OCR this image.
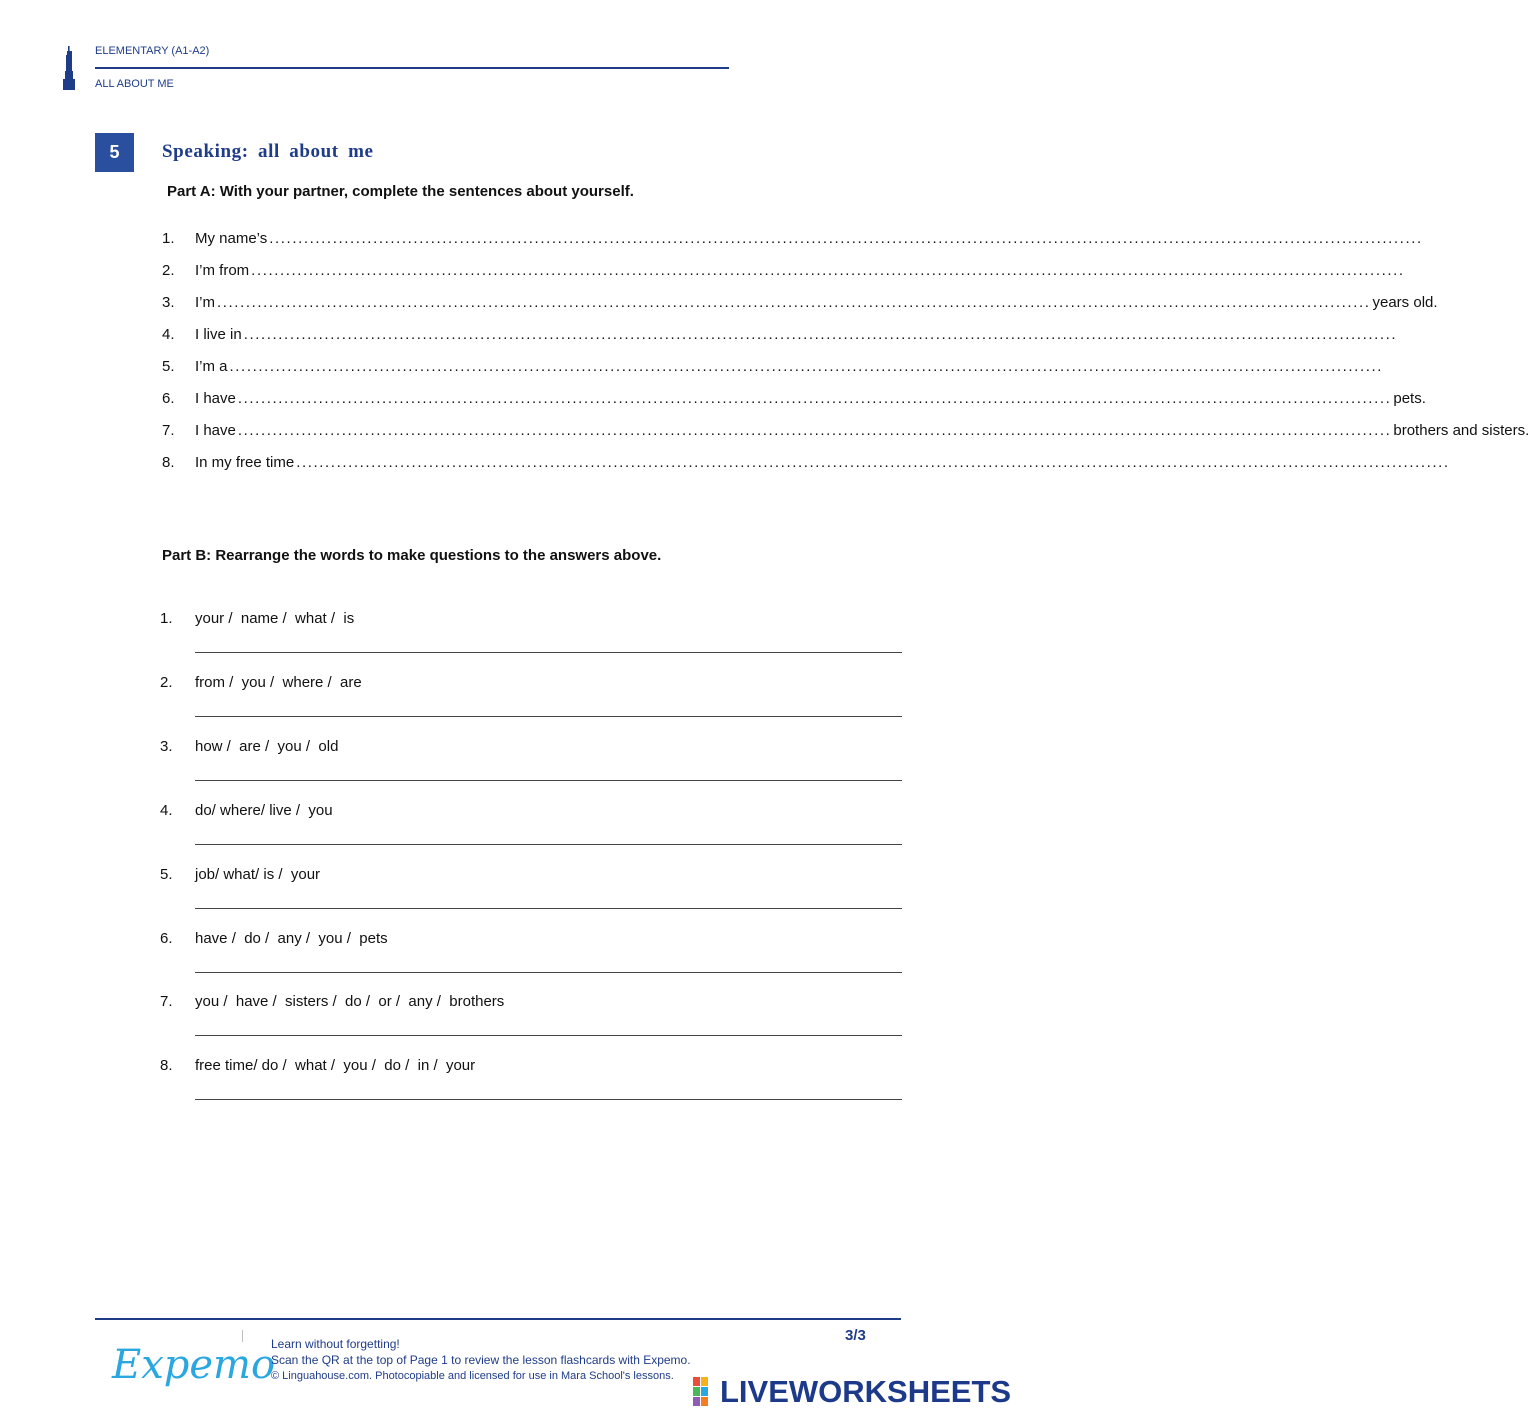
ELEMENTARY (A1-A2)
ALL ABOUT ME
5	Speaking: all about me
Part A: With your partner, complete the sentences about yourself.
1. My name’s ........................................................................................................................................................................................................
2. I’m from ........................................................................................................................................................................................................
3. I’m ........................................................................................................................................................................................................ years old.
4. I live in ........................................................................................................................................................................................................
5. I’m a ........................................................................................................................................................................................................
6. I have ........................................................................................................................................................................................................ pets.
7. I have ........................................................................................................................................................................................................ brothers and sisters.
8. In my free time ........................................................................................................................................................................................................
Part B: Rearrange the words to make questions to the answers above.
1. your /  name /  what /  is
2. from /  you /  where /  are
3. how /  are /  you /  old
4. do/ where/ live /  you
5. job/ what/ is /  your
6. have /  do /  any /  you /  pets
7. you /  have /  sisters /  do /  or /  any /  brothers
8. free time/ do /  what /  you /  do /  in /  your
Expemo
Learn without forgetting!
Scan the QR at the top of Page 1 to review the lesson flashcards with Expemo.
© Linguahouse.com. Photocopiable and licensed for use in Mara School's lessons.
3/3
LIVEWORKSHEETS
